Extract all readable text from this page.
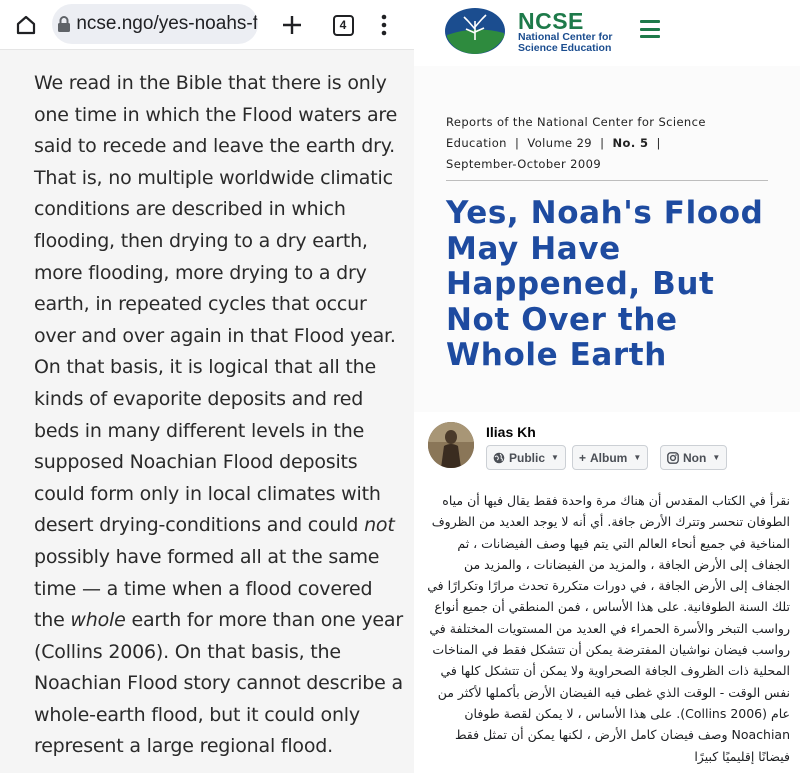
ncse.ngo/yes-noahs-f	4

We read in the Bible that there is only one time in which the Flood waters are said to recede and leave the earth dry. That is, no multiple worldwide climatic conditions are described in which flooding, then drying to a dry earth, more flooding, more drying to a dry earth, in repeated cycles that occur over and over again in that Flood year. On that basis, it is logical that all the kinds of evaporite deposits and red beds in many different levels in the supposed Noachian Flood deposits could form only in local climates with desert drying-conditions and could not possibly have formed all at the same time — a time when a flood covered the whole earth for more than one year (Collins 2006). On that basis, the Noachian Flood story cannot describe a whole-earth flood, but it could only represent a large regional flood.

NCSE
National Center for Science Education
Reports of the National Center for Science
Education  |  Volume 29  |  No. 5  |
September-October 2009
Yes, Noah's Flood May Have Happened, But Not Over the Whole Earth
Ilias Kh
Public ▼ + Album ▼	Non ▼

نقرأ في الكتاب المقدس أن هناك مرة واحدة فقط يقال فيها أن مياه الطوفان تنحسر وتترك الأرض جافة. أي أنه لا يوجد العديد من الظروف المناخية في جميع أنحاء العالم التي يتم فيها وصف الفيضانات ، ثم الجفاف إلى الأرض الجافة ، والمزيد من الفيضانات ، والمزيد من الجفاف إلى الأرض الجافة ، في دورات متكررة تحدث مرارًا وتكرارًا في تلك السنة الطوفانية. على هذا الأساس ، فمن المنطقي أن جميع أنواع رواسب التبخر والأسرة الحمراء في العديد من المستويات المختلفة في رواسب فيضان نواشيان المفترضة يمكن أن تتشكل فقط في المناخات المحلية ذات الظروف الجافة الصحراوية ولا يمكن أن تتشكل كلها في نفس الوقت - الوقت الذي غطى فيه الفيضان الأرض بأكملها لأكثر من عام (Collins 2006). على هذا الأساس ، لا يمكن لقصة طوفان Noachian وصف فيضان كامل الأرض ، لكنها يمكن أن تمثل فقط فيضانًا إقليميًا كبيرًا
